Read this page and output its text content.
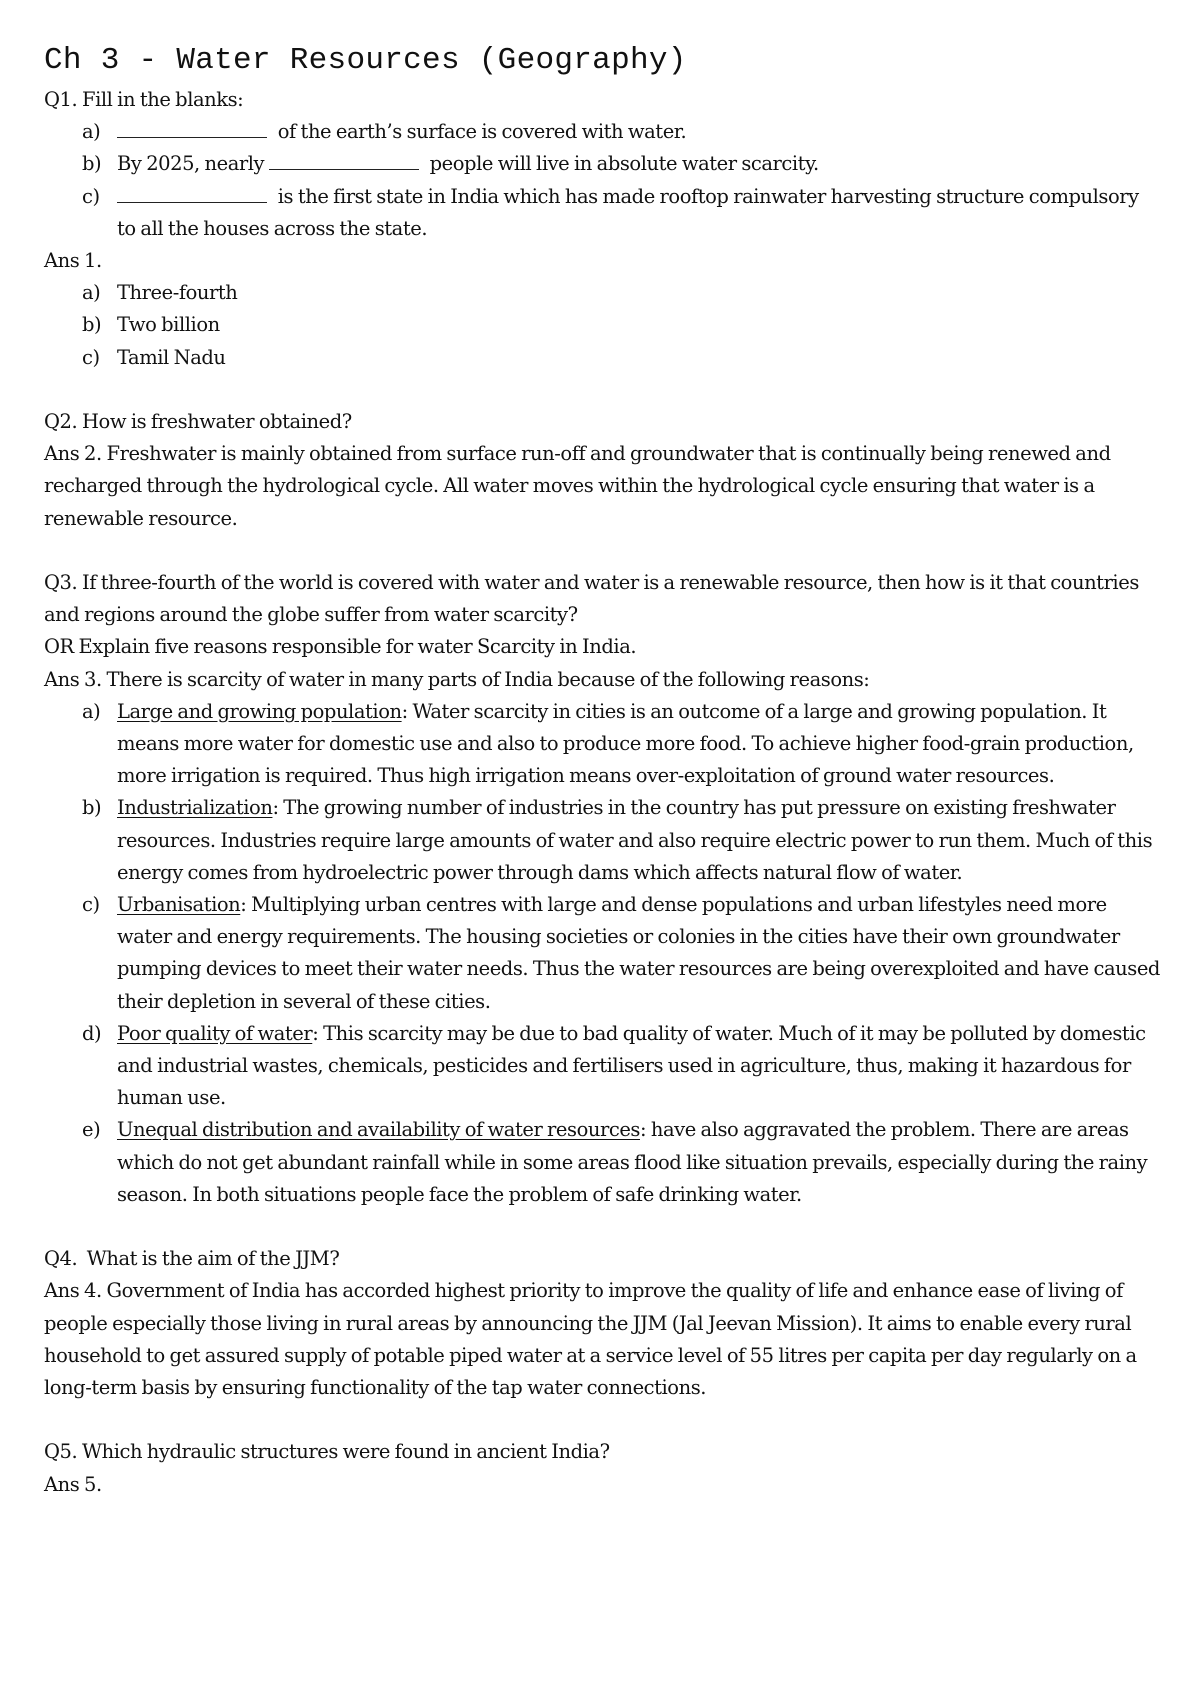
Ch 3 - Water Resources (Geography)

Q1. Fill in the blanks:

a)	of the earth’s surface is covered with water.
b) By 2025, nearly	people will live in absolute water scarcity.
c)	is the first state in India which has made rooftop rainwater harvesting structure compulsory to all the houses across the state.

Ans 1.

a) Three-fourth
b) Two billion
c) Tamil Nadu

Q2. How is freshwater obtained?

Ans 2. Freshwater is mainly obtained from surface run-off and groundwater that is continually being renewed and recharged through the hydrological cycle. All water moves within the hydrological cycle ensuring that water is a renewable resource.

Q3. If three-fourth of the world is covered with water and water is a renewable resource, then how is it that countries and regions around the globe suffer from water scarcity?

OR Explain five reasons responsible for water Scarcity in India.

Ans 3. There is scarcity of water in many parts of India because of the following reasons:

a) Large and growing population: Water scarcity in cities is an outcome of a large and growing population. It means more water for domestic use and also to produce more food. To achieve higher food-grain production, more irrigation is required. Thus high irrigation means over-exploitation of ground water resources.
b) Industrialization: The growing number of industries in the country has put pressure on existing freshwater resources. Industries require large amounts of water and also require electric power to run them. Much of this energy comes from hydroelectric power through dams which affects natural flow of water.
c) Urbanisation: Multiplying urban centres with large and dense populations and urban lifestyles need more water and energy requirements. The housing societies or colonies in the cities have their own groundwater pumping devices to meet their water needs. Thus the water resources are being overexploited and have caused their depletion in several of these cities.
d) Poor quality of water: This scarcity may be due to bad quality of water. Much of it may be polluted by domestic and industrial wastes, chemicals, pesticides and fertilisers used in agriculture, thus, making it hazardous for human use.
e) Unequal distribution and availability of water resources: have also aggravated the problem. There are areas which do not get abundant rainfall while in some areas flood like situation prevails, especially during the rainy season. In both situations people face the problem of safe drinking water.

Q4.  What is the aim of the JJM?

Ans 4. Government of India has accorded highest priority to improve the quality of life and enhance ease of living of people especially those living in rural areas by announcing the JJM (Jal Jeevan Mission). It aims to enable every rural household to get assured supply of potable piped water at a service level of 55 litres per capita per day regularly on a long-term basis by ensuring functionality of the tap water connections.

Q5. Which hydraulic structures were found in ancient India?

Ans 5.
